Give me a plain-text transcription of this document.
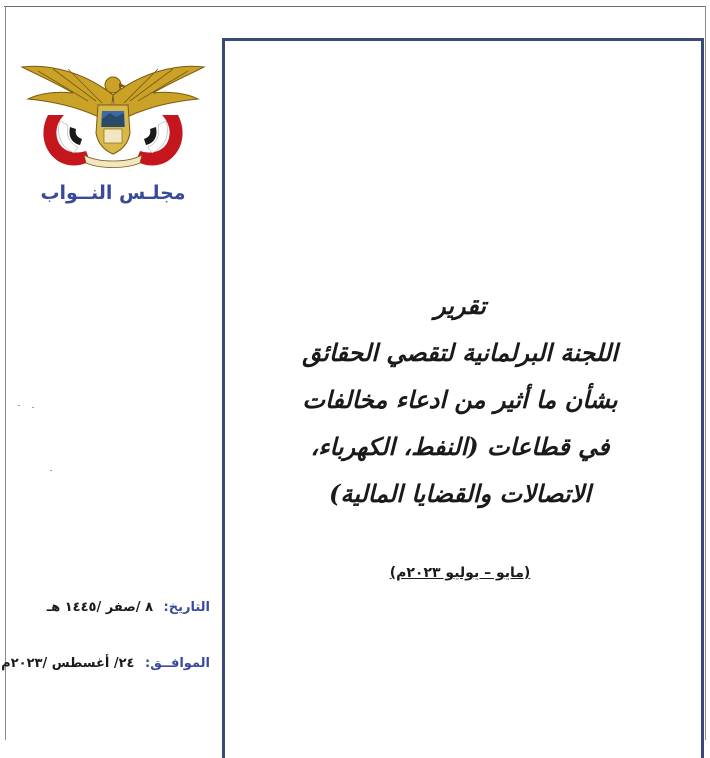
مجلـس النــواب

تقرير

اللجنة البرلمانية لتقصي الحقائق

بشأن ما أثير من ادعاء مخالفات

في قطاعات (النفط، الكهرباء،

الاتصالات والقضايا المالية)

(مايو – يوليو ٢٠٢٣م)
التاريخ: ٨ /صفر /١٤٤٥ هـ
الموافــق: ٢٤/ أغسطس /٢٠٢٣م
